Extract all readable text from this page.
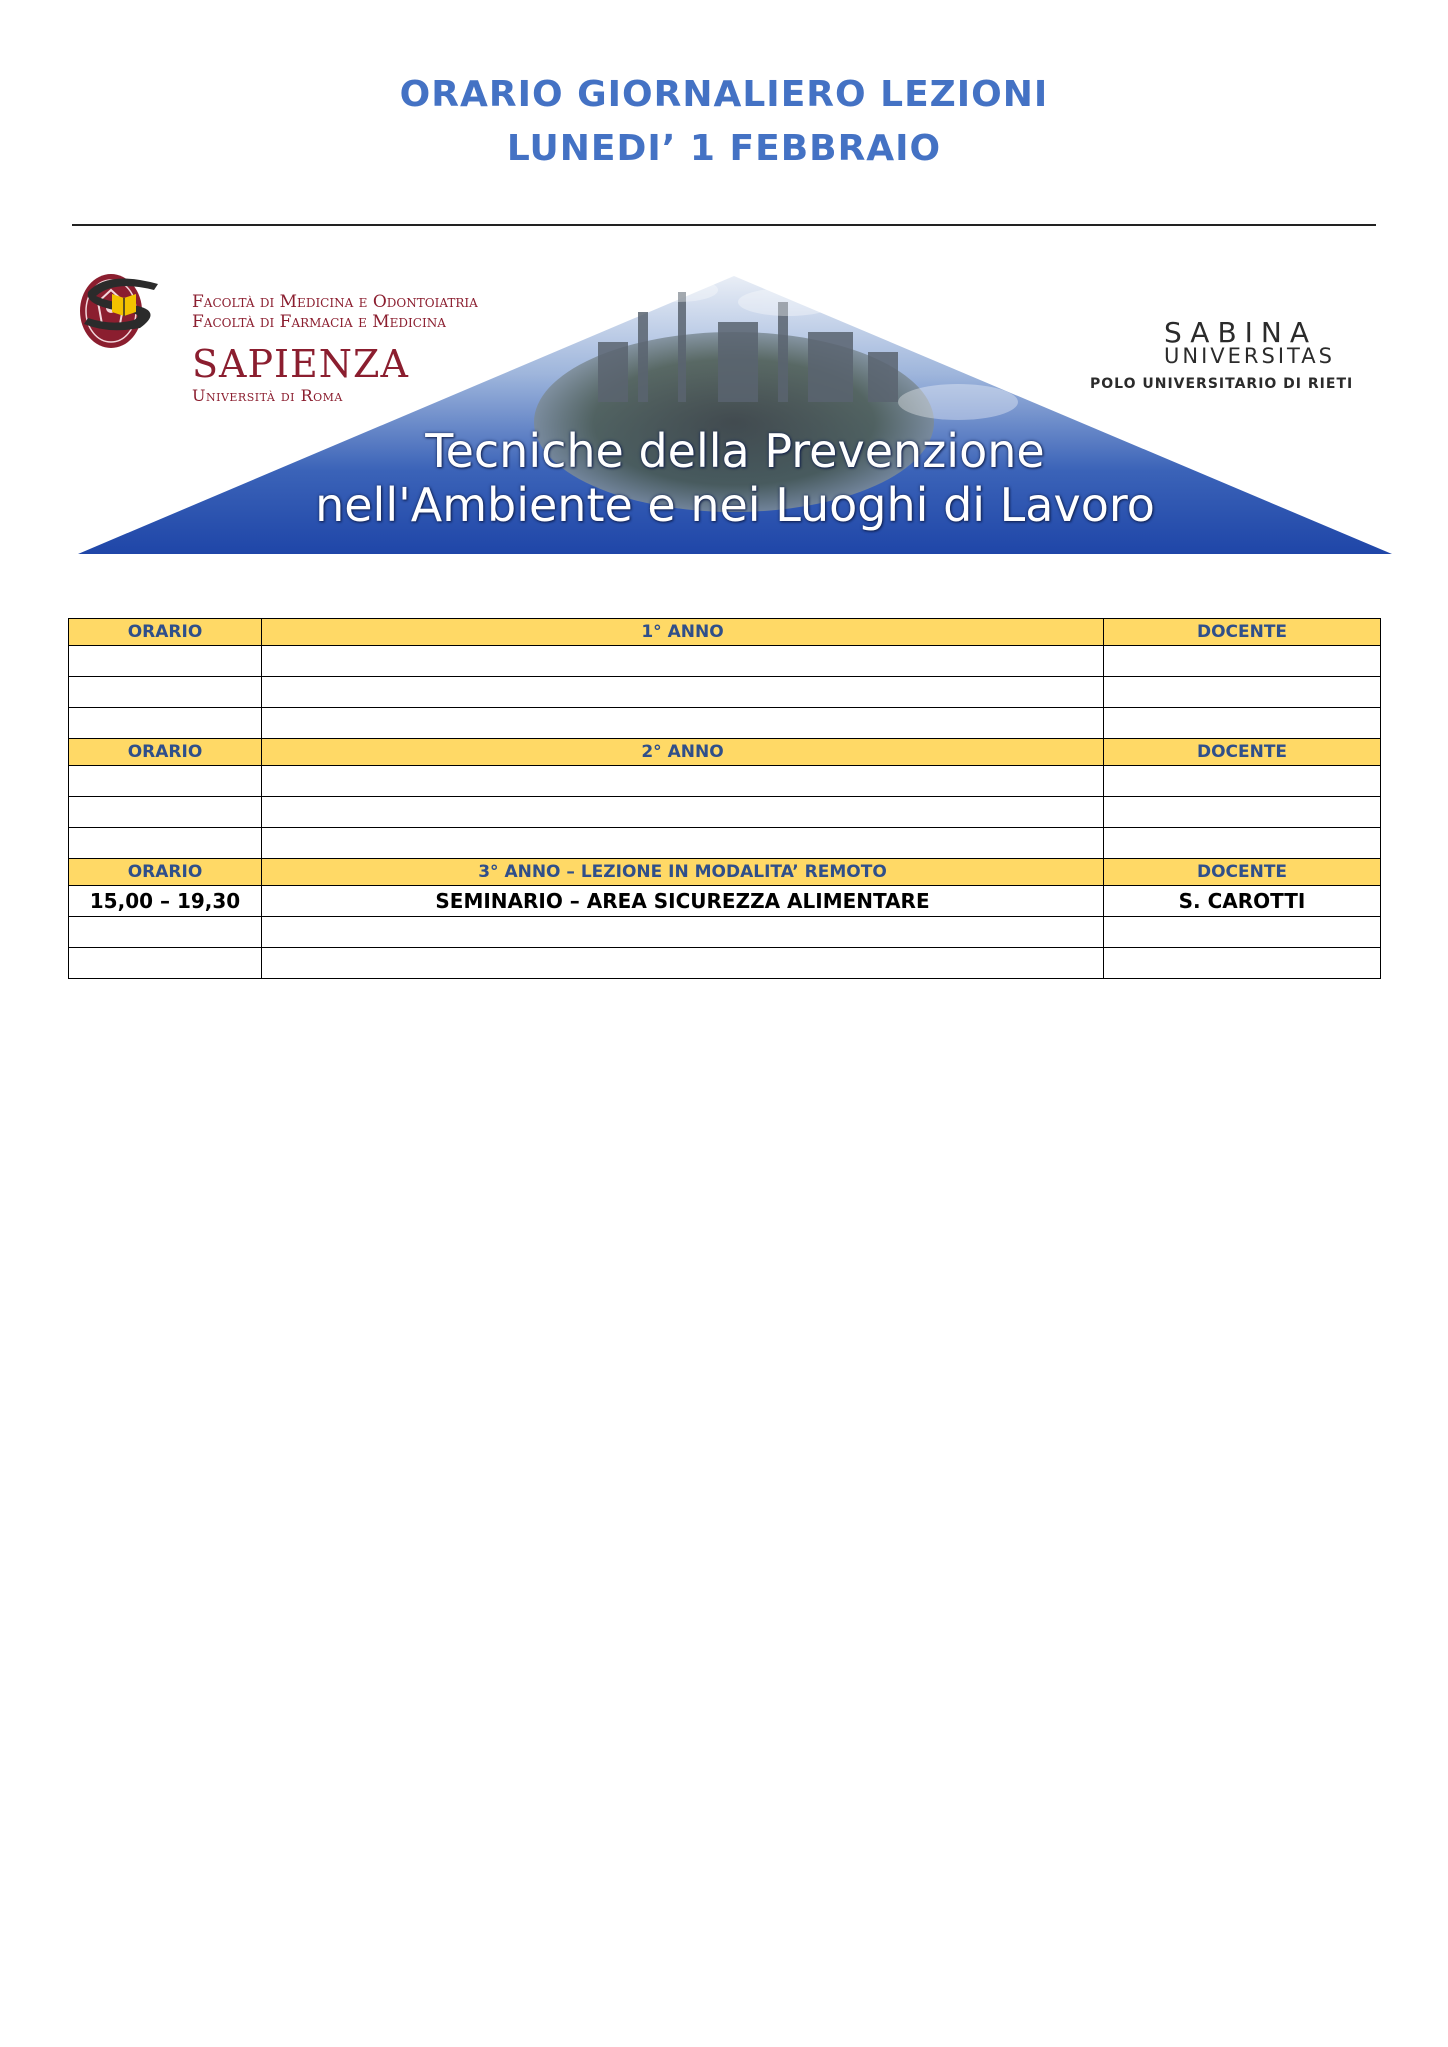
ORARIO GIORNALIERO LEZIONI
LUNEDI’ 1 FEBBRAIO
Facoltà di Medicina e Odontoiatria
Facoltà di Farmacia e Medicina
SAPIENZA
Università di Roma
SABINA
UNIVERSITAS
POLO UNIVERSITARIO DI RIETI
Tecniche della Prevenzione
nell'Ambiente e nei Luoghi di Lavoro
ORARIO	1° ANNO	DOCENTE

ORARIO	2° ANNO	DOCENTE

ORARIO	3° ANNO – LEZIONE IN MODALITA’ REMOTO	DOCENTE
15,00 – 19,30	SEMINARIO – AREA SICUREZZA ALIMENTARE	S. CAROTTI
